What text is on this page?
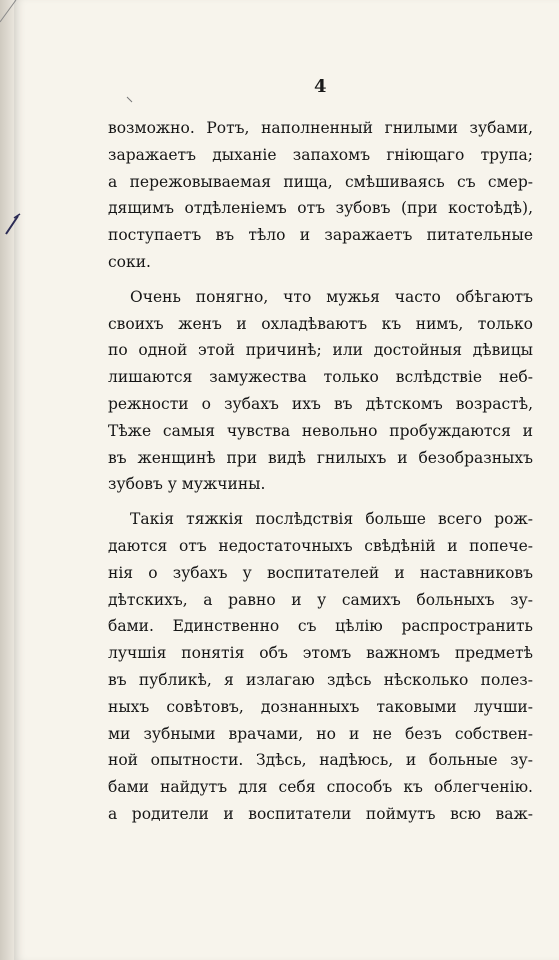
4
возможно. Ротъ, наполненный гнилыми зубами,
заражаетъ дыханіе запахомъ гніющаго трупа;
а пережовываемая пища, смѣшиваясь съ смер-
дящимъ отдѣленіемъ отъ зубовъ (при костоѣдѣ),
поступаетъ въ тѣло и заражаетъ питательные
соки.
Очень понягно, что мужья часто обѣгаютъ
своихъ женъ и охладѣваютъ къ нимъ, только
по одной этой причинѣ; или достойныя дѣвицы
лишаются замужества только вслѣдствіе неб-
режности о зубахъ ихъ въ дѣтскомъ возрастѣ,
Тѣже самыя чувства невольно пробуждаются и
въ женщинѣ при видѣ гнилыхъ и безобразныхъ
зубовъ у мужчины.
Такія тяжкія послѣдствія больше всего рож-
даются отъ недостаточныхъ свѣдѣній и попече-
нія о зубахъ у воспитателей и наставниковъ
дѣтскихъ, а равно и у самихъ больныхъ зу-
бами. Единственно съ цѣлію распространить
лучшія понятія объ этомъ важномъ предметѣ
въ публикѣ, я излагаю здѣсь нѣсколько полез-
ныхъ совѣтовъ, дознанныхъ таковыми лучши-
ми зубными врачами, но и не безъ собствен-
ной опытности. Здѣсь, надѣюсь, и больные зу-
бами найдутъ для себя способъ къ облегченію.
а родители и воспитатели поймутъ всю важ-
